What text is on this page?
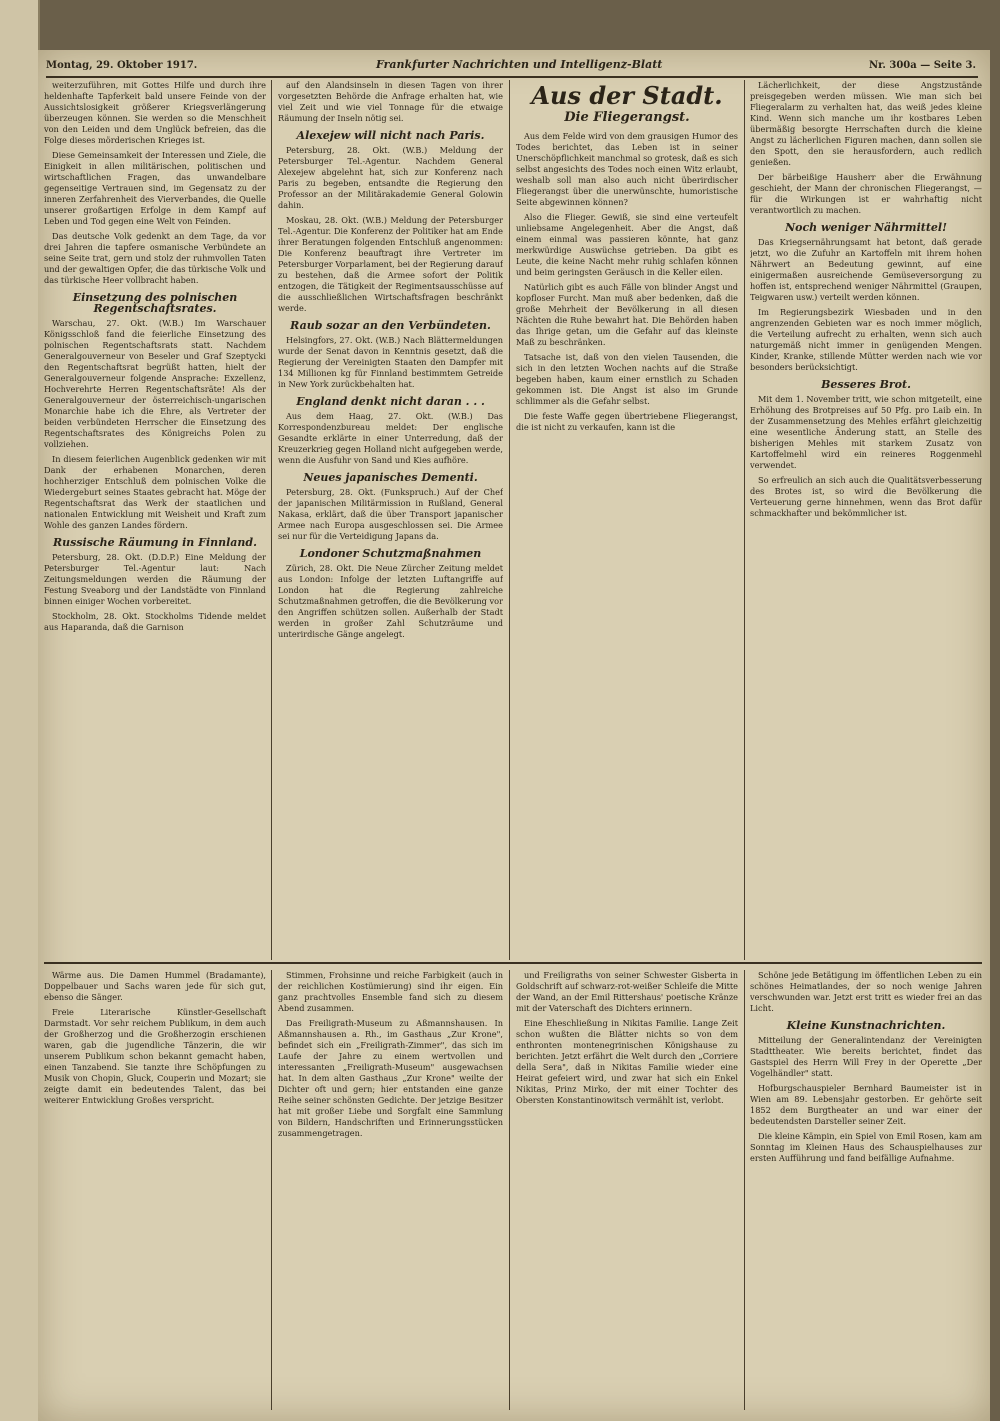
Montag, 29. Oktober 1917.	Frankfurter Nachrichten und Intelligenz-Blatt	Nr. 300a — Seite 3.

weiterzuführen, mit Gottes Hilfe und durch ihre heldenhafte Tapferkeit bald unsere Feinde von der Aussichtslosigkeit größerer Kriegsverlängerung überzeugen können. Sie werden so die Menschheit von den Leiden und dem Unglück befreien, das die Folge dieses mörderischen Krieges ist.

Diese Gemeinsamkeit der Interessen und Ziele, die Einigkeit in allen militärischen, politischen und wirtschaftlichen Fragen, das unwandelbare gegenseitige Vertrauen sind, im Gegensatz zu der inneren Zerfahrenheit des Vierverbandes, die Quelle unserer großartigen Erfolge in dem Kampf auf Leben und Tod gegen eine Welt von Feinden.

Das deutsche Volk gedenkt an dem Tage, da vor drei Jahren die tapfere osmanische Verbündete an seine Seite trat, gern und stolz der ruhmvollen Taten und der gewaltigen Opfer, die das türkische Volk und das türkische Heer vollbracht haben.

Einsetzung des polnischen Regentschaftsrates.

Warschau, 27. Okt. (W.B.) Im Warschauer Königsschloß fand die feierliche Einsetzung des polnischen Regentschaftsrats statt. Nachdem Generalgouverneur von Beseler und Graf Szeptycki den Regentschaftsrat begrüßt hatten, hielt der Generalgouverneur folgende Ansprache: Exzellenz, Hochverehrte Herren Regentschaftsräte! Als der Generalgouverneur der österreichisch-ungarischen Monarchie habe ich die Ehre, als Vertreter der beiden verbündeten Herrscher die Einsetzung des Regentschaftsrates des Königreichs Polen zu vollziehen.

In diesem feierlichen Augenblick gedenken wir mit Dank der erhabenen Monarchen, deren hochherziger Entschluß dem polnischen Volke die Wiedergeburt seines Staates gebracht hat. Möge der Regentschaftsrat das Werk der staatlichen und nationalen Entwicklung mit Weisheit und Kraft zum Wohle des ganzen Landes fördern.

Russische Räumung in Finnland.

Petersburg, 28. Okt. (D.D.P.) Eine Meldung der Petersburger Tel.-Agentur laut: Nach Zeitungsmeldungen werden die Räumung der Festung Sveaborg und der Landstädte von Finnland binnen einiger Wochen vorbereitet.

Stockholm, 28. Okt. Stockholms Tidende meldet aus Haparanda, daß die Garnison

auf den Alandsinseln in diesen Tagen von ihrer vorgesetzten Behörde die Anfrage erhalten hat, wie viel Zeit und wie viel Tonnage für die etwaige Räumung der Inseln nötig sei.

Alexejew will nicht nach Paris.

Petersburg, 28. Okt. (W.B.) Meldung der Petersburger Tel.-Agentur. Nachdem General Alexejew abgelehnt hat, sich zur Konferenz nach Paris zu begeben, entsandte die Regierung den Professor an der Militärakademie General Golowin dahin.

Moskau, 28. Okt. (W.B.) Meldung der Petersburger Tel.-Agentur. Die Konferenz der Politiker hat am Ende ihrer Beratungen folgenden Entschluß angenommen: Die Konferenz beauftragt ihre Vertreter im Petersburger Vorparlament, bei der Regierung darauf zu bestehen, daß die Armee sofort der Politik entzogen, die Tätigkeit der Regimentsausschüsse auf die ausschließlichen Wirtschaftsfragen beschränkt werde.

Raub sozar an den Verbündeten.

Helsingfors, 27. Okt. (W.B.) Nach Blättermeldungen wurde der Senat davon in Kenntnis gesetzt, daß die Regierung der Vereinigten Staaten den Dampfer mit 134 Millionen kg für Finnland bestimmtem Getreide in New York zurückbehalten hat.

England denkt nicht daran . . .

Aus dem Haag, 27. Okt. (W.B.) Das Korrespondenzbureau meldet: Der englische Gesandte erklärte in einer Unterredung, daß der Kreuzerkrieg gegen Holland nicht aufgegeben werde, wenn die Ausfuhr von Sand und Kies aufhöre.

Neues japanisches Dementi.

Petersburg, 28. Okt. (Funkspruch.) Auf der Chef der japanischen Militärmission in Rußland, General Nakasa, erklärt, daß die über Transport japanischer Armee nach Europa ausgeschlossen sei. Die Armee sei nur für die Verteidigung Japans da.

Londoner Schutzmaßnahmen

Zürich, 28. Okt. Die Neue Zürcher Zeitung meldet aus London: Infolge der letzten Luftangriffe auf London hat die Regierung zahlreiche Schutzmaßnahmen getroffen, die die Bevölkerung vor den Angriffen schützen sollen. Außerhalb der Stadt werden in großer Zahl Schutzräume und unterirdische Gänge angelegt.

Aus der Stadt.
Die Fliegerangst.

Aus dem Felde wird von dem grausigen Humor des Todes berichtet, das Leben ist in seiner Unerschöpflichkeit manchmal so grotesk, daß es sich selbst angesichts des Todes noch einen Witz erlaubt, weshalb soll man also auch nicht überirdischer Fliegerangst über die unerwünschte, humoristische Seite abgewinnen können?

Also die Flieger. Gewiß, sie sind eine verteufelt unliebsame Angelegenheit. Aber die Angst, daß einem einmal was passieren könnte, hat ganz merkwürdige Auswüchse getrieben. Da gibt es Leute, die keine Nacht mehr ruhig schlafen können und beim geringsten Geräusch in die Keller eilen.

Natürlich gibt es auch Fälle von blinder Angst und kopfloser Furcht. Man muß aber bedenken, daß die große Mehrheit der Bevölkerung in all diesen Nächten die Ruhe bewahrt hat. Die Behörden haben das Ihrige getan, um die Gefahr auf das kleinste Maß zu beschränken.

Tatsache ist, daß von den vielen Tausenden, die sich in den letzten Wochen nachts auf die Straße begeben haben, kaum einer ernstlich zu Schaden gekommen ist. Die Angst ist also im Grunde schlimmer als die Gefahr selbst.

Die feste Waffe gegen übertriebene Fliegerangst, die ist nicht zu verkaufen, kann ist die

Lächerlichkeit, der diese Angstzustände preisgegeben werden müssen. Wie man sich bei Fliegeralarm zu verhalten hat, das weiß jedes kleine Kind. Wenn sich manche um ihr kostbares Leben übermäßig besorgte Herrschaften durch die kleine Angst zu lächerlichen Figuren machen, dann sollen sie den Spott, den sie herausfordern, auch redlich genießen.

Der bärbeißige Hausherr aber die Erwähnung geschieht, der Mann der chronischen Fliegerangst, — für die Wirkungen ist er wahrhaftig nicht verantwortlich zu machen.

Noch weniger Nährmittel!

Das Kriegsernährungsamt hat betont, daß gerade jetzt, wo die Zufuhr an Kartoffeln mit ihrem hohen Nährwert an Bedeutung gewinnt, auf eine einigermaßen ausreichende Gemüseversorgung zu hoffen ist, entsprechend weniger Nährmittel (Graupen, Teigwaren usw.) verteilt werden können.

Im Regierungsbezirk Wiesbaden und in den angrenzenden Gebieten war es noch immer möglich, die Verteilung aufrecht zu erhalten, wenn sich auch naturgemäß nicht immer in genügenden Mengen. Kinder, Kranke, stillende Mütter werden nach wie vor besonders berücksichtigt.

Besseres Brot.

Mit dem 1. November tritt, wie schon mitgeteilt, eine Erhöhung des Brotpreises auf 50 Pfg. pro Laib ein. In der Zusammensetzung des Mehles erfährt gleichzeitig eine wesentliche Änderung statt, an Stelle des bisherigen Mehles mit starkem Zusatz von Kartoffelmehl wird ein reineres Roggenmehl verwendet.

So erfreulich an sich auch die Qualitätsverbesserung des Brotes ist, so wird die Bevölkerung die Verteuerung gerne hinnehmen, wenn das Brot dafür schmackhafter und bekömmlicher ist.

Wärme aus. Die Damen Hummel (Bradamante), Doppelbauer und Sachs waren jede für sich gut, ebenso die Sänger.

Freie Literarische Künstler-Gesellschaft Darmstadt. Vor sehr reichem Publikum, in dem auch der Großherzog und die Großherzogin erschienen waren, gab die jugendliche Tänzerin, die wir unserem Publikum schon bekannt gemacht haben, einen Tanzabend. Sie tanzte ihre Schöpfungen zu Musik von Chopin, Gluck, Couperin und Mozart; sie zeigte damit ein bedeutendes Talent, das bei weiterer Entwicklung Großes verspricht.

Stimmen, Frohsinne und reiche Farbigkeit (auch in der reichlichen Kostümierung) sind ihr eigen. Ein ganz prachtvolles Ensemble fand sich zu diesem Abend zusammen.

Das Freiligrath-Museum zu Aßmannshausen. In Aßmannshausen a. Rh., im Gasthaus „Zur Krone", befindet sich ein „Freiligrath-Zimmer", das sich im Laufe der Jahre zu einem wertvollen und interessanten „Freiligrath-Museum" ausgewachsen hat. In dem alten Gasthaus „Zur Krone" weilte der Dichter oft und gern; hier entstanden eine ganze Reihe seiner schönsten Gedichte. Der jetzige Besitzer hat mit großer Liebe und Sorgfalt eine Sammlung von Bildern, Handschriften und Erinnerungsstücken zusammengetragen.

und Freiligraths von seiner Schwester Gisberta in Goldschrift auf schwarz-rot-weißer Schleife die Mitte der Wand, an der Emil Rittershaus' poetische Kränze mit der Vaterschaft des Dichters erinnern.

Eine Eheschließung in Nikitas Familie. Lange Zeit schon wußten die Blätter nichts so von dem enthronten montenegrinischen Königshause zu berichten. Jetzt erfährt die Welt durch den „Corriere della Sera", daß in Nikitas Familie wieder eine Heirat gefeiert wird, und zwar hat sich ein Enkel Nikitas, Prinz Mirko, der mit einer Tochter des Obersten Konstantinowitsch vermählt ist, verlobt.

Schöne jede Betätigung im öffentlichen Leben zu ein schönes Heimatlandes, der so noch wenige Jahren verschwunden war. Jetzt erst tritt es wieder frei an das Licht.

Kleine Kunstnachrichten.

Mitteilung der Generalintendanz der Vereinigten Stadttheater. Wie bereits berichtet, findet das Gastspiel des Herrn Will Frey in der Operette „Der Vogelhändler" statt.

Hofburgschauspieler Bernhard Baumeister ist in Wien am 89. Lebensjahr gestorben. Er gehörte seit 1852 dem Burgtheater an und war einer der bedeutendsten Darsteller seiner Zeit.

Die kleine Kämpin, ein Spiel von Emil Rosen, kam am Sonntag im Kleinen Haus des Schauspielhauses zur ersten Aufführung und fand beifällige Aufnahme.
